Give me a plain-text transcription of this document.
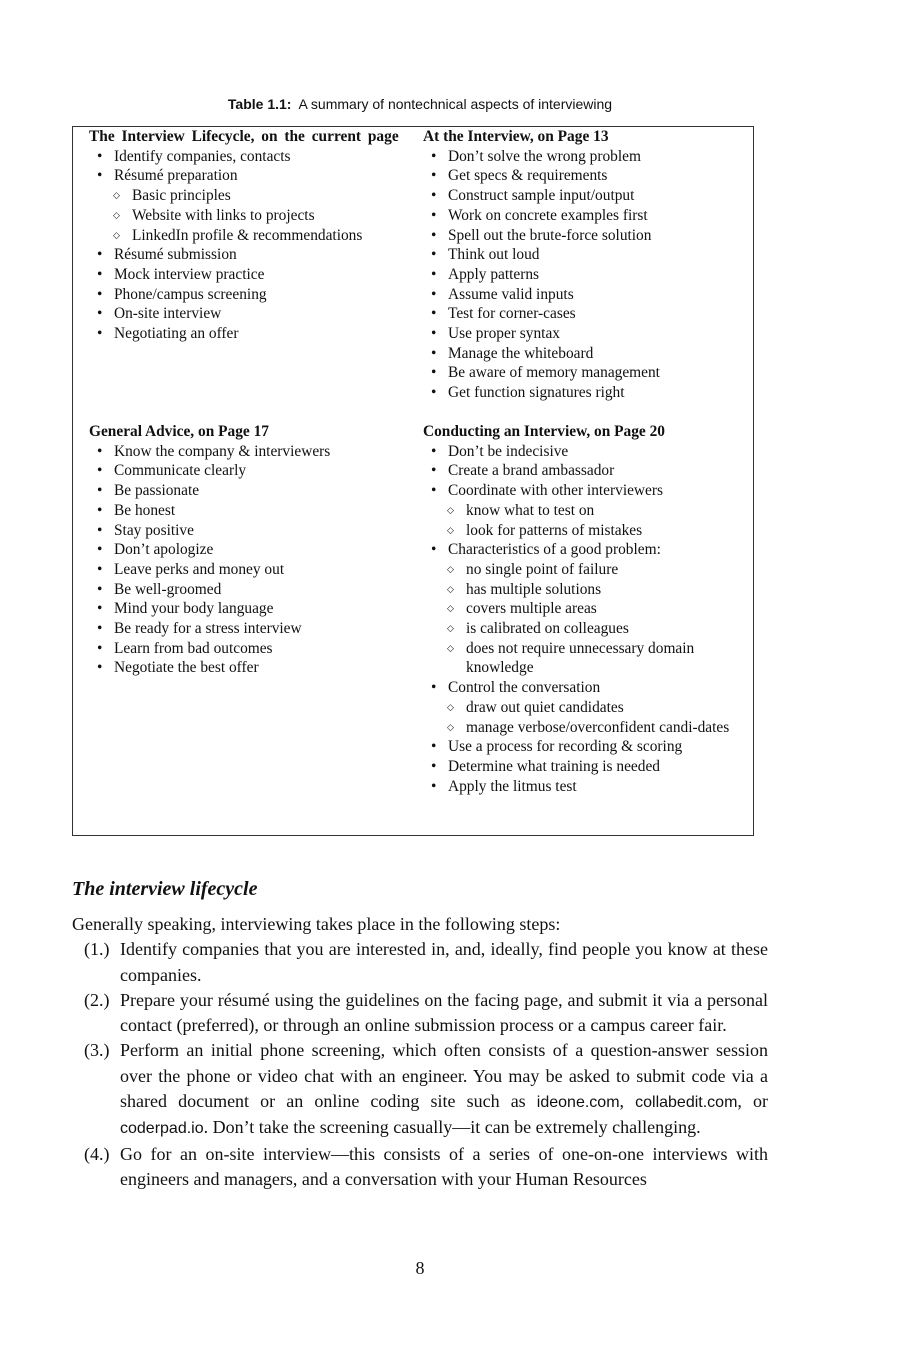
Table 1.1: A summary of nontechnical aspects of interviewing
The Interview Lifecycle, on the current page
• Identify companies, contacts
• Résumé preparation
◇ Basic principles
◇ Website with links to projects
◇ LinkedIn profile & recommendations
• Résumé submission
• Mock interview practice
• Phone/campus screening
• On-site interview
• Negotiating an offer
At the Interview, on Page 13
• Don’t solve the wrong problem
• Get specs & requirements
• Construct sample input/output
• Work on concrete examples first
• Spell out the brute-force solution
• Think out loud
• Apply patterns
• Assume valid inputs
• Test for corner-cases
• Use proper syntax
• Manage the whiteboard
• Be aware of memory management
• Get function signatures right
General Advice, on Page 17
• Know the company & interviewers
• Communicate clearly
• Be passionate
• Be honest
• Stay positive
• Don’t apologize
• Leave perks and money out
• Be well-groomed
• Mind your body language
• Be ready for a stress interview
• Learn from bad outcomes
• Negotiate the best offer
Conducting an Interview, on Page 20
• Don’t be indecisive
• Create a brand ambassador
• Coordinate with other interviewers
◇ know what to test on
◇ look for patterns of mistakes
• Characteristics of a good problem:
◇ no single point of failure
◇ has multiple solutions
◇ covers multiple areas
◇ is calibrated on colleagues
◇ does not require unnecessary domain knowledge
• Control the conversation
◇ draw out quiet candidates
◇ manage verbose/overconfident candi-dates
• Use a process for recording & scoring
• Determine what training is needed
• Apply the litmus test
The interview lifecycle
Generally speaking, interviewing takes place in the following steps:
(1.) Identify companies that you are interested in, and, ideally, find people you know at these companies.
(2.) Prepare your résumé using the guidelines on the facing page, and submit it via a personal contact (preferred), or through an online submission process or a campus career fair.
(3.) Perform an initial phone screening, which often consists of a question-answer session over the phone or video chat with an engineer. You may be asked to submit code via a shared document or an online coding site such as ideone.com, collabedit.com, or coderpad.io. Don’t take the screening casually—it can be extremely challenging.
(4.) Go for an on-site interview—this consists of a series of one-on-one interviews with engineers and managers, and a conversation with your Human Resources
8
